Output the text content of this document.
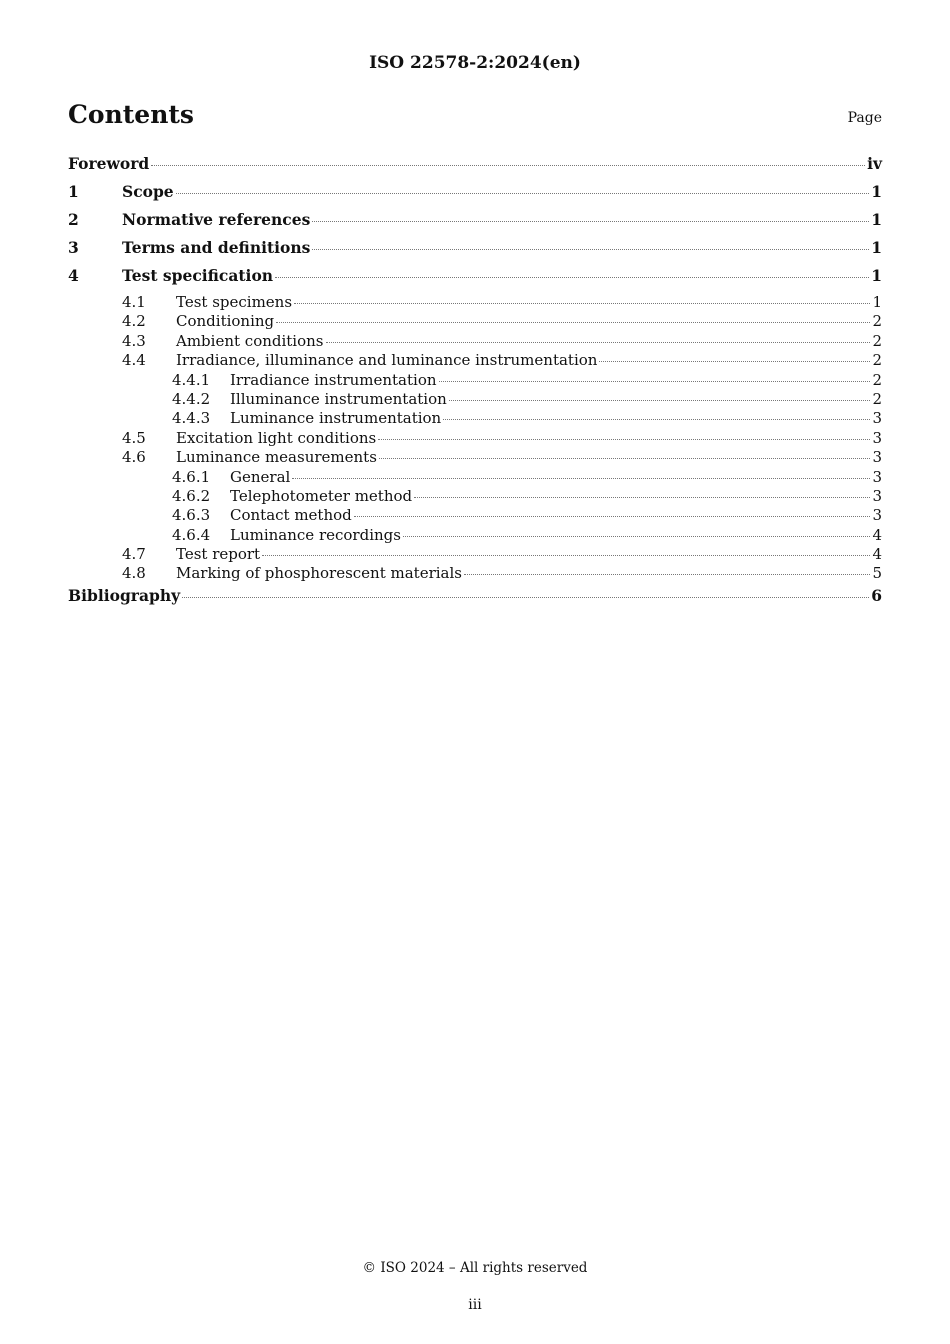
ISO 22578-2:2024(en)
Contents	Page
Foreword	iv
1	Scope	1
2	Normative references	1
3	Terms and definitions	1
4	Test specification	1
4.1	Test specimens	1
4.2	Conditioning	2
4.3	Ambient conditions	2
4.4	Irradiance, illuminance and luminance instrumentation	2
4.4.1	Irradiance instrumentation	2
4.4.2	Illuminance instrumentation	2
4.4.3	Luminance instrumentation	3
4.5	Excitation light conditions	3
4.6	Luminance measurements	3
4.6.1	General	3
4.6.2	Telephotometer method	3
4.6.3	Contact method	3
4.6.4	Luminance recordings	4
4.7	Test report	4
4.8	Marking of phosphorescent materials	5
Bibliography	6
© ISO 2024 – All rights reserved
iii
